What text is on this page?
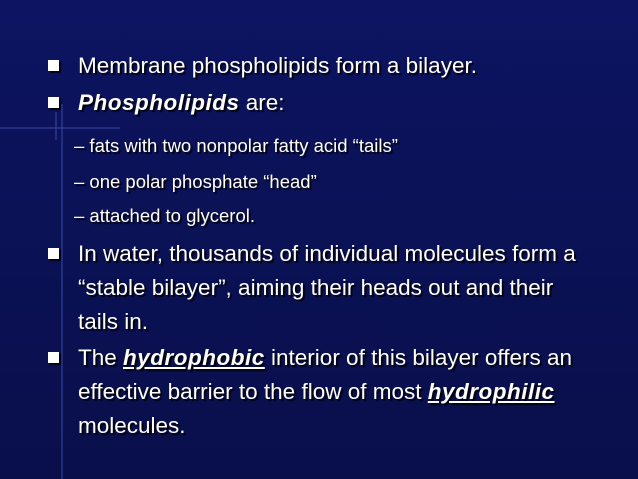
Membrane phospholipids form a bilayer.
Phospholipids are:
– fats with two nonpolar fatty acid “tails”
– one polar phosphate “head”
– attached to glycerol.
In water, thousands of individual molecules form a “stable bilayer”, aiming their heads out and their tails in.
The hydrophobic interior of this bilayer offers an effective barrier to the flow of most hydrophilic molecules.
